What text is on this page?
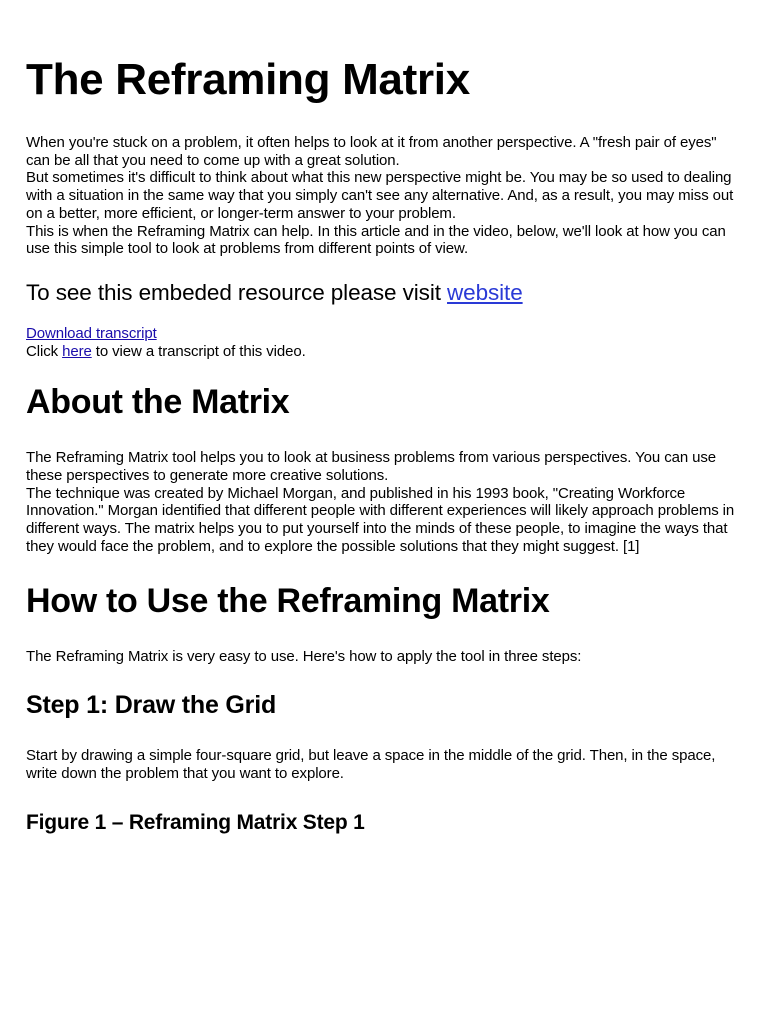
The Reframing Matrix

When you're stuck on a problem, it often helps to look at it from another perspective. A "fresh pair of eyes" can be all that you need to come up with a great solution.

But sometimes it's difficult to think about what this new perspective might be. You may be so used to dealing with a situation in the same way that you simply can't see any alternative. And, as a result, you may miss out on a better, more efficient, or longer-term answer to your problem.

This is when the Reframing Matrix can help. In this article and in the video, below, we'll look at how you can use this simple tool to look at problems from different points of view.

To see this embeded resource please visit website
Download transcript
Click here to view a transcript of this video.
About the Matrix

The Reframing Matrix tool helps you to look at business problems from various perspectives. You can use these perspectives to generate more creative solutions.

The technique was created by Michael Morgan, and published in his 1993 book, "Creating Workforce Innovation." Morgan identified that different people with different experiences will likely approach problems in different ways. The matrix helps you to put yourself into the minds of these people, to imagine the ways that they would face the problem, and to explore the possible solutions that they might suggest. [1]

How to Use the Reframing Matrix

The Reframing Matrix is very easy to use. Here's how to apply the tool in three steps:

Step 1: Draw the Grid

Start by drawing a simple four-square grid, but leave a space in the middle of the grid. Then, in the space, write down the problem that you want to explore.

Figure 1 – Reframing Matrix Step 1
